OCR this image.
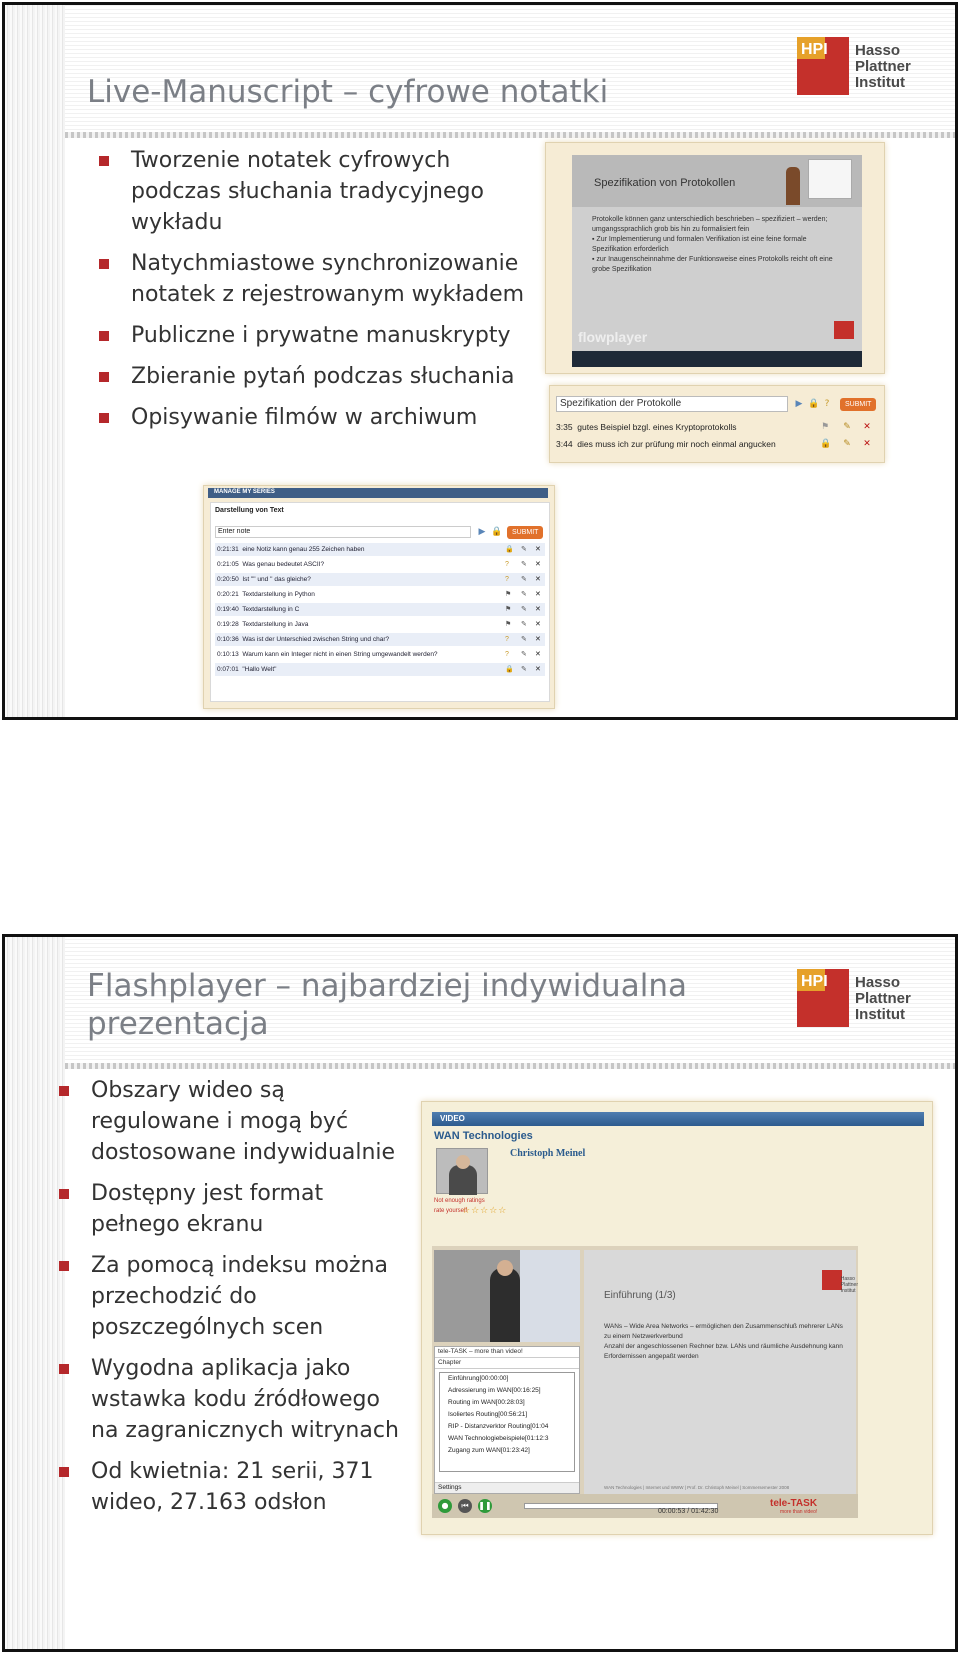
Live-Manuscript – cyfrowe notatki
HPI Hasso
Plattner
Institut
Tworzenie notatek cyfrowych podczas słuchania tradycyjnego wykładu
Natychmiastowe synchronizowanie notatek z rejestrowanym wykładem
Publiczne i prywatne manuskrypty
Zbieranie pytań podczas słuchania
Opisywanie filmów w archiwum
Spezifikation von Protokollen

Protokolle können ganz unterschiedlich beschrieben – spezifiziert – werden; umgangssprachlich grob bis hin zu formalisiert fein

▪ Zur Implementierung und formalen Verifikation ist eine feine formale Spezifikation erforderlich

▪ zur Inaugenscheinnahme der Funktionsweise eines Protokolls reicht oft eine grobe Spezifikation

flowplayer
Spezifikation der Protokolle	▶ 🔒 ?	SUBMIT
3:35 gutes Beispiel bzgl. eines Kryptoprotokolls	⚑ ✎ ✕
3:44 dies muss ich zur prüfung mir noch einmal angucken	🔒 ✎ ✕
MANAGE MY SERIES
Darstellung von Text
Enter note	▶ 🔒	SUBMIT
0:21:31 eine Notiz kann genau 255 Zeichen haben	🔒 ✎ ✕
0:21:05 Was genau bedeutet ASCII?	? ✎ ✕
0:20:50 Ist "" und '' das gleiche?	? ✎ ✕
0:20:21 Textdarstellung in Python	⚑ ✎ ✕
0:19:40 Textdarstellung in C	⚑ ✎ ✕
0:19:28 Textdarstellung in Java	⚑ ✎ ✕
0:10:36 Was ist der Unterschied zwischen String und char?	? ✎ ✕
0:10:13 Warum kann ein Integer nicht in einen String umgewandelt werden?	? ✎ ✕
0:07:01 "Hallo Welt"	🔒 ✎ ✕
Flashplayer – najbardziej indywidualna prezentacja
HPI Hasso
Plattner
Institut
Obszary wideo są regulowane i mogą być dostosowane indywidualnie
Dostępny jest format pełnego ekranu
Za pomocą indeksu można przechodzić do poszczególnych scen
Wygodna aplikacja jako wstawka kodu źródłowego na zagranicznych witrynach
Od kwietnia: 21 serii, 371 wideo, 27.163 odsłon
VIDEO
WAN Technologies
Christoph Meinel
Not enough ratings
rate yourself
☆☆☆☆☆
tele-TASK – more than video!
Chapter
Einführung[00:00:00]
Adressierung im WAN[00:16:25]
Routing im WAN[00:28:03]
Isoliertes Routing[00:56:21]
RIP - Distanzverktor Routing[01:04
WAN Technologiebeispiele[01:12:3
Zugang zum WAN[01:23:42]
Settings
Hasso
Plattner
Institut
Einführung (1/3)

WANs – Wide Area Networks – ermöglichen den Zusammenschluß mehrerer LANs zu einem Netzwerkverbund

Anzahl der angeschlossenen Rechner bzw. LANs und räumliche Ausdehnung kann Erfordernissen angepaßt werden

WAN Technologies | Internet und WWW | Prof. Dr. Christoph Meinel | Sommersemester 2008
●	⏮	❚❚
00:00:53 / 01:42:30
tele-TASK
more than video!
